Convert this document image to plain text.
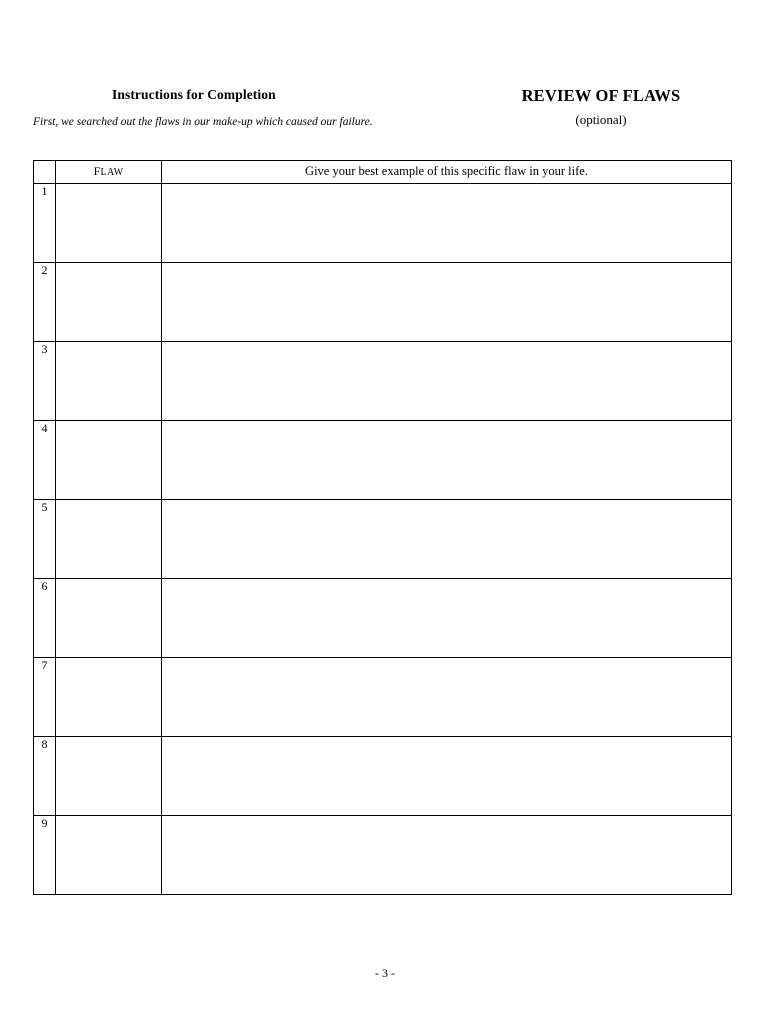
Instructions for Completion
First, we searched out the flaws in our make-up which caused our failure.
REVIEW OF FLAWS
(optional)
	FLAW	Give your best example of this specific flaw in your life.
1		
2		
3		
4		
5		
6		
7		
8		
9		
- 3 -
